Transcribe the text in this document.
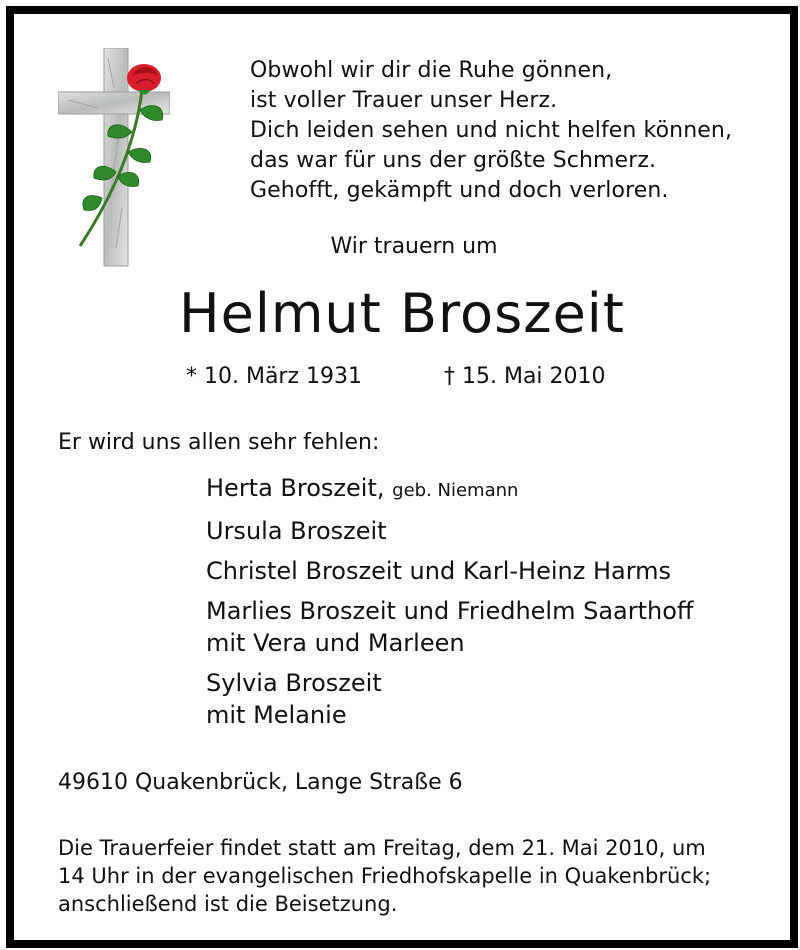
Obwohl wir dir die Ruhe gönnen,
ist voller Trauer unser Herz.
Dich leiden sehen und nicht helfen können,
das war für uns der größte Schmerz.
Gehofft, gekämpft und doch verloren.
Wir trauern um
Helmut Broszeit
* 10. März 1931	† 15. Mai 2010
Er wird uns allen sehr fehlen:
Herta Broszeit, geb. Niemann
Ursula Broszeit
Christel Broszeit und Karl-Heinz Harms
Marlies Broszeit und Friedhelm Saarthoff
mit Vera und Marleen
Sylvia Broszeit
mit Melanie
49610 Quakenbrück, Lange Straße 6
Die Trauerfeier findet statt am Freitag, dem 21. Mai 2010, um
14 Uhr in der evangelischen Friedhofskapelle in Quakenbrück;
anschließend ist die Beisetzung.
